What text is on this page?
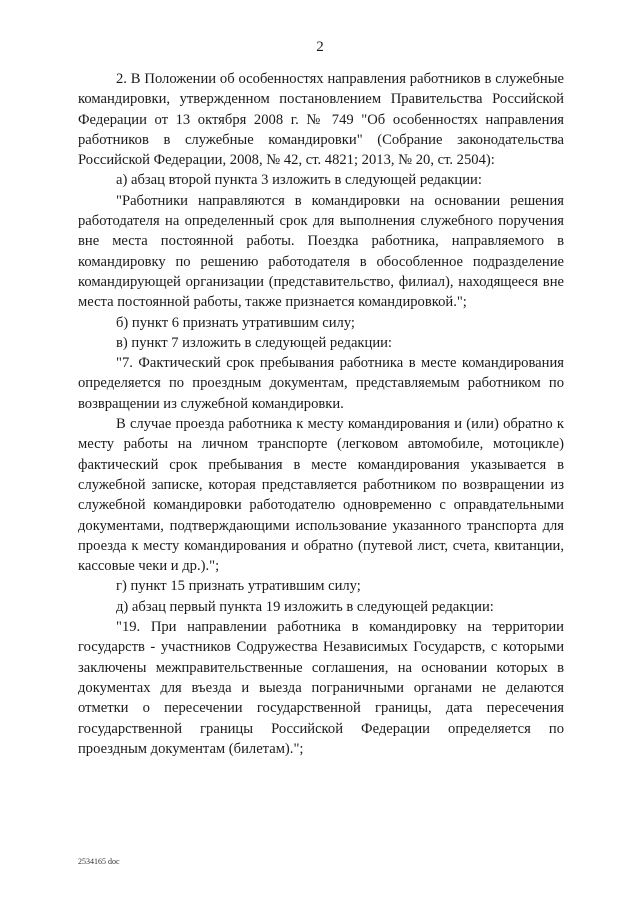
2

2. В Положении об особенностях направления работников в служебные командировки, утвержденном постановлением Правительства Российской Федерации от 13 октября 2008 г. № 749 "Об особенностях направления работников в служебные командировки" (Собрание законодательства Российской Федерации, 2008, № 42, ст. 4821; 2013, № 20, ст. 2504):

а) абзац второй пункта 3 изложить в следующей редакции:

"Работники направляются в командировки на основании решения работодателя на определенный срок для выполнения служебного поручения вне места постоянной работы. Поездка работника, направляемого в командировку по решению работодателя в обособленное подразделение командирующей организации (представительство, филиал), находящееся вне места постоянной работы, также признается командировкой.";

б) пункт 6 признать утратившим силу;

в) пункт 7 изложить в следующей редакции:

"7. Фактический срок пребывания работника в месте командирования определяется по проездным документам, представляемым работником по возвращении из служебной командировки.

В случае проезда работника к месту командирования и (или) обратно к месту работы на личном транспорте (легковом автомобиле, мотоцикле) фактический срок пребывания в месте командирования указывается в служебной записке, которая представляется работником по возвращении из служебной командировки работодателю одновременно с оправдательными документами, подтверждающими использование указанного транспорта для проезда к месту командирования и обратно (путевой лист, счета, квитанции, кассовые чеки и др.).";

г) пункт 15 признать утратившим силу;

д) абзац первый пункта 19 изложить в следующей редакции:

"19. При направлении работника в командировку на территории государств - участников Содружества Независимых Государств, с которыми заключены межправительственные соглашения, на основании которых в документах для въезда и выезда пограничными органами не делаются отметки о пересечении государственной границы, дата пересечения государственной границы Российской Федерации определяется по проездным документам (билетам).";

2534165 doc
